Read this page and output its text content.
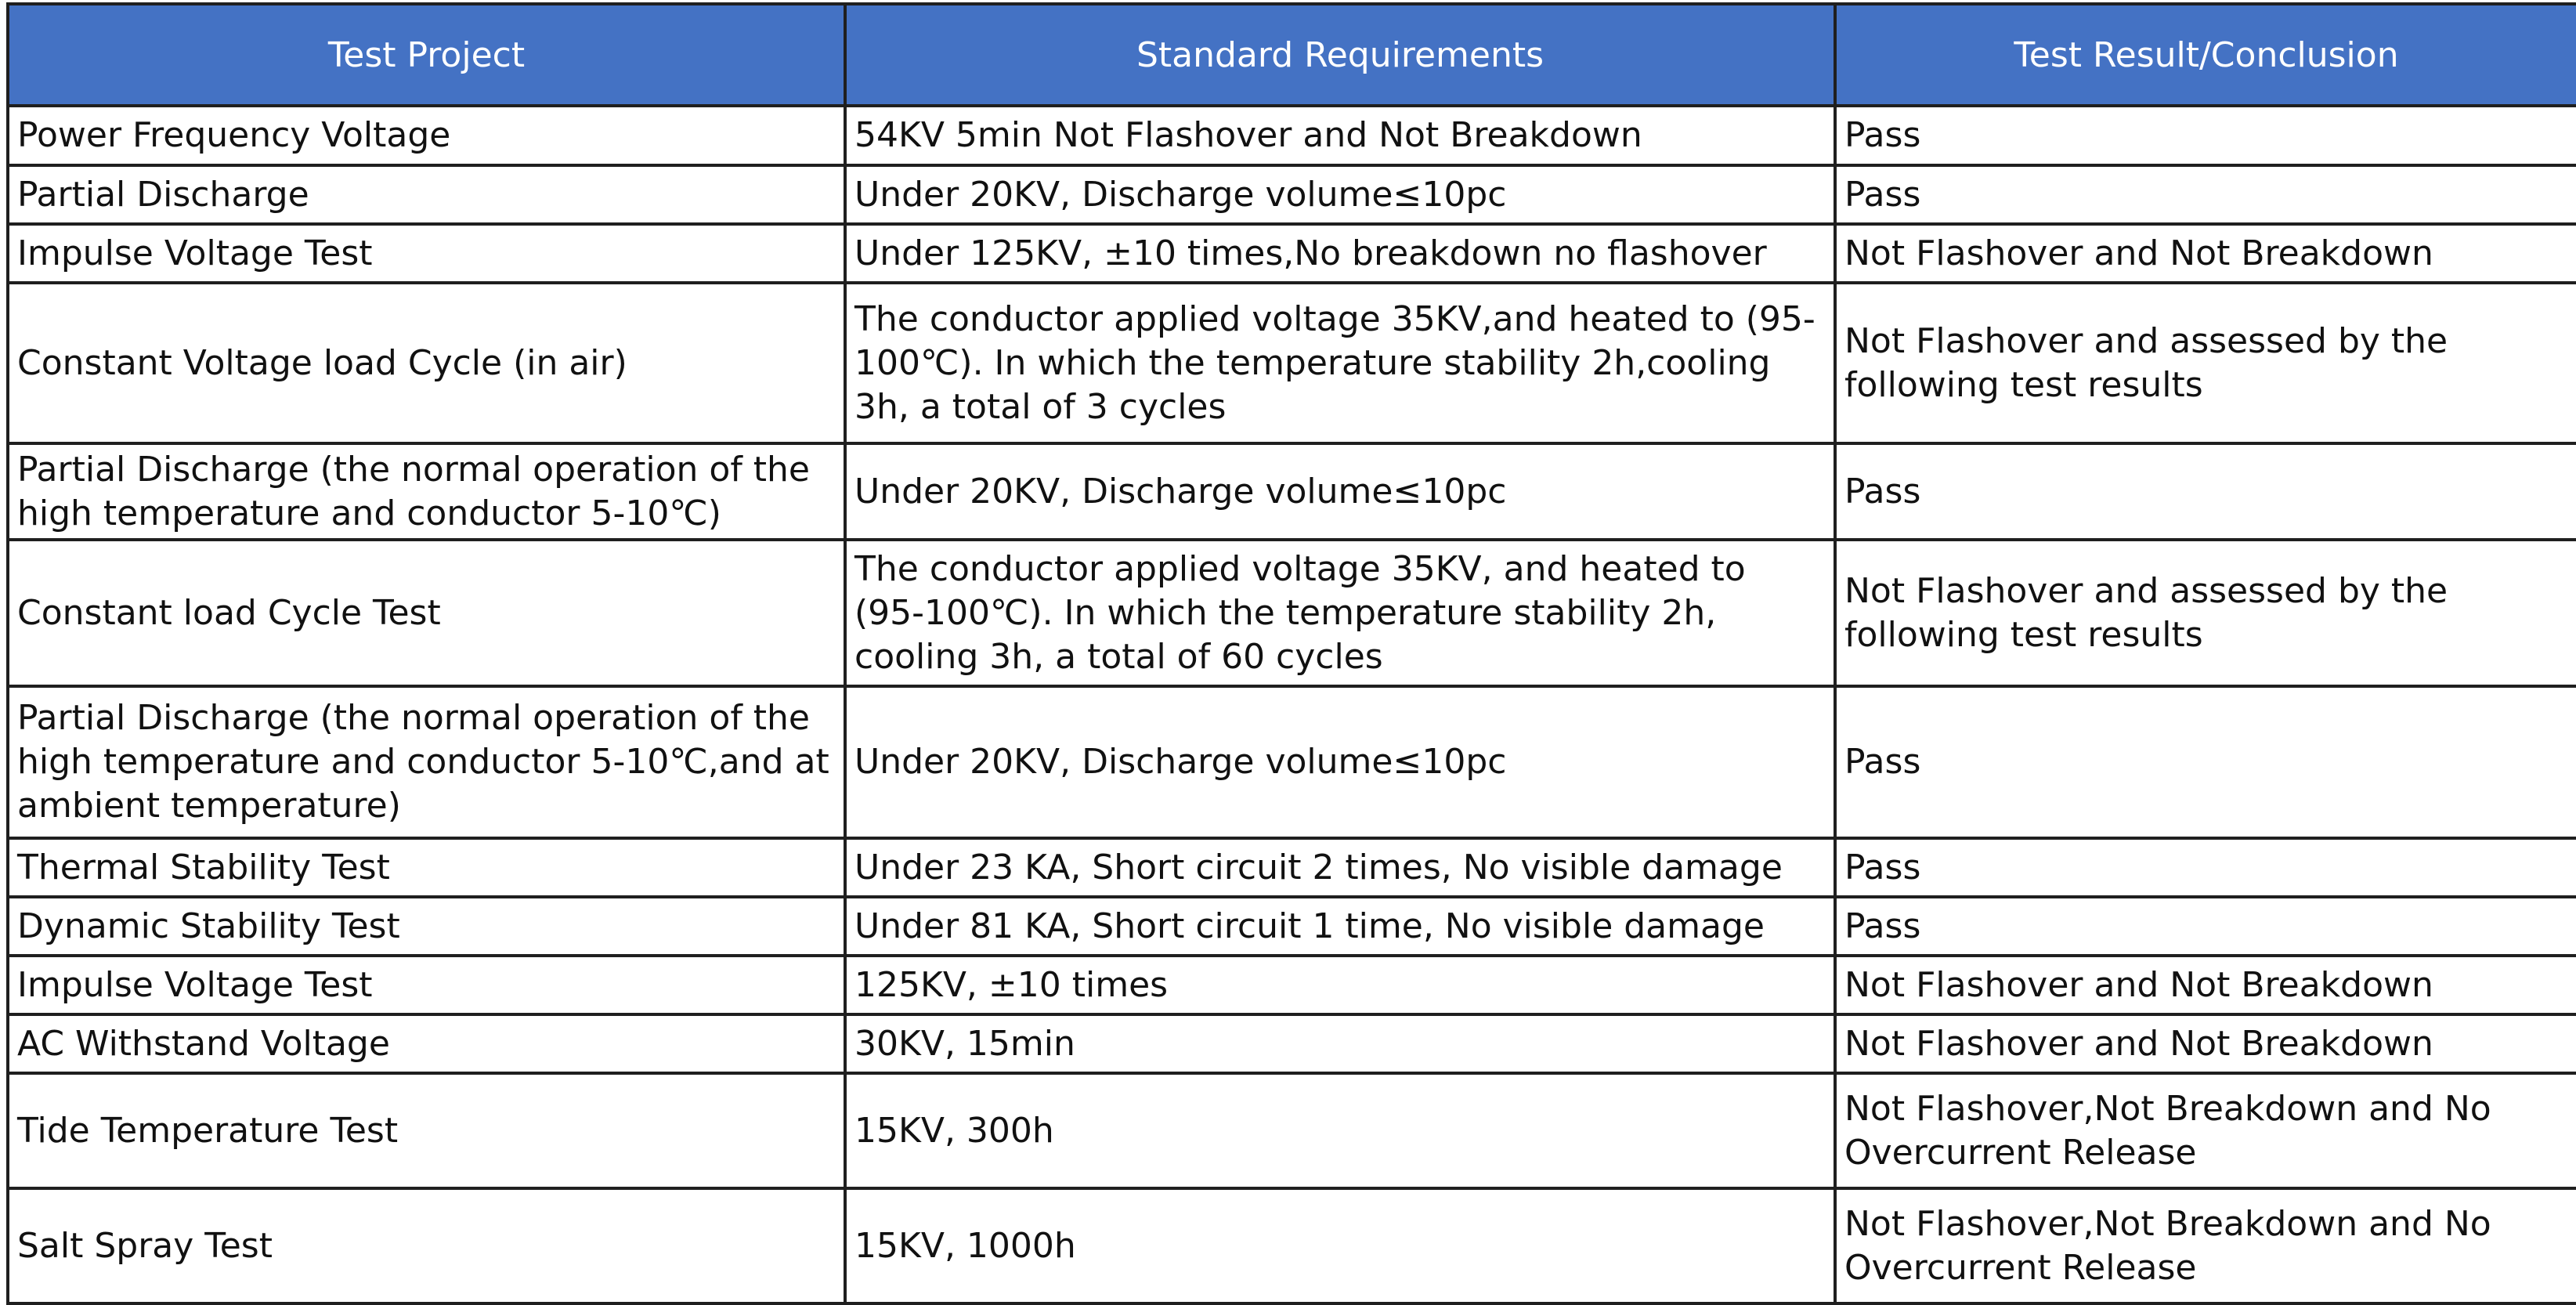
Test Project	Standard Requirements	Test Result/Conclusion
Power Frequency Voltage	54KV 5min Not Flashover and Not Breakdown	Pass
Partial Discharge	Under 20KV, Discharge volume≤10pc	Pass
Impulse Voltage Test	Under 125KV, ±10 times,No breakdown no flashover	Not Flashover and Not Breakdown
Constant Voltage load Cycle (in air)	The conductor applied voltage 35KV,and heated to (95-100℃). In which the temperature stability 2h,cooling 3h, a total of 3 cycles	Not Flashover and assessed by the following test results
Partial Discharge (the normal operation of the high temperature and conductor 5-10℃)	Under 20KV, Discharge volume≤10pc	Pass
Constant load Cycle Test	The conductor applied voltage 35KV, and heated to (95-100℃). In which the temperature stability 2h, cooling 3h, a total of 60 cycles	Not Flashover and assessed by the following test results
Partial Discharge (the normal operation of the high temperature and conductor 5-10℃,and at ambient temperature)	Under 20KV, Discharge volume≤10pc	Pass
Thermal Stability Test	Under 23 KA, Short circuit 2 times, No visible damage	Pass
Dynamic Stability Test	Under 81 KA, Short circuit 1 time, No visible damage	Pass
Impulse Voltage Test	125KV, ±10 times	Not Flashover and Not Breakdown
AC Withstand Voltage	30KV, 15min	Not Flashover and Not Breakdown
Tide Temperature Test	15KV, 300h	Not Flashover,Not Breakdown and No Overcurrent Release
Salt Spray Test	15KV, 1000h	Not Flashover,Not Breakdown and No Overcurrent Release
